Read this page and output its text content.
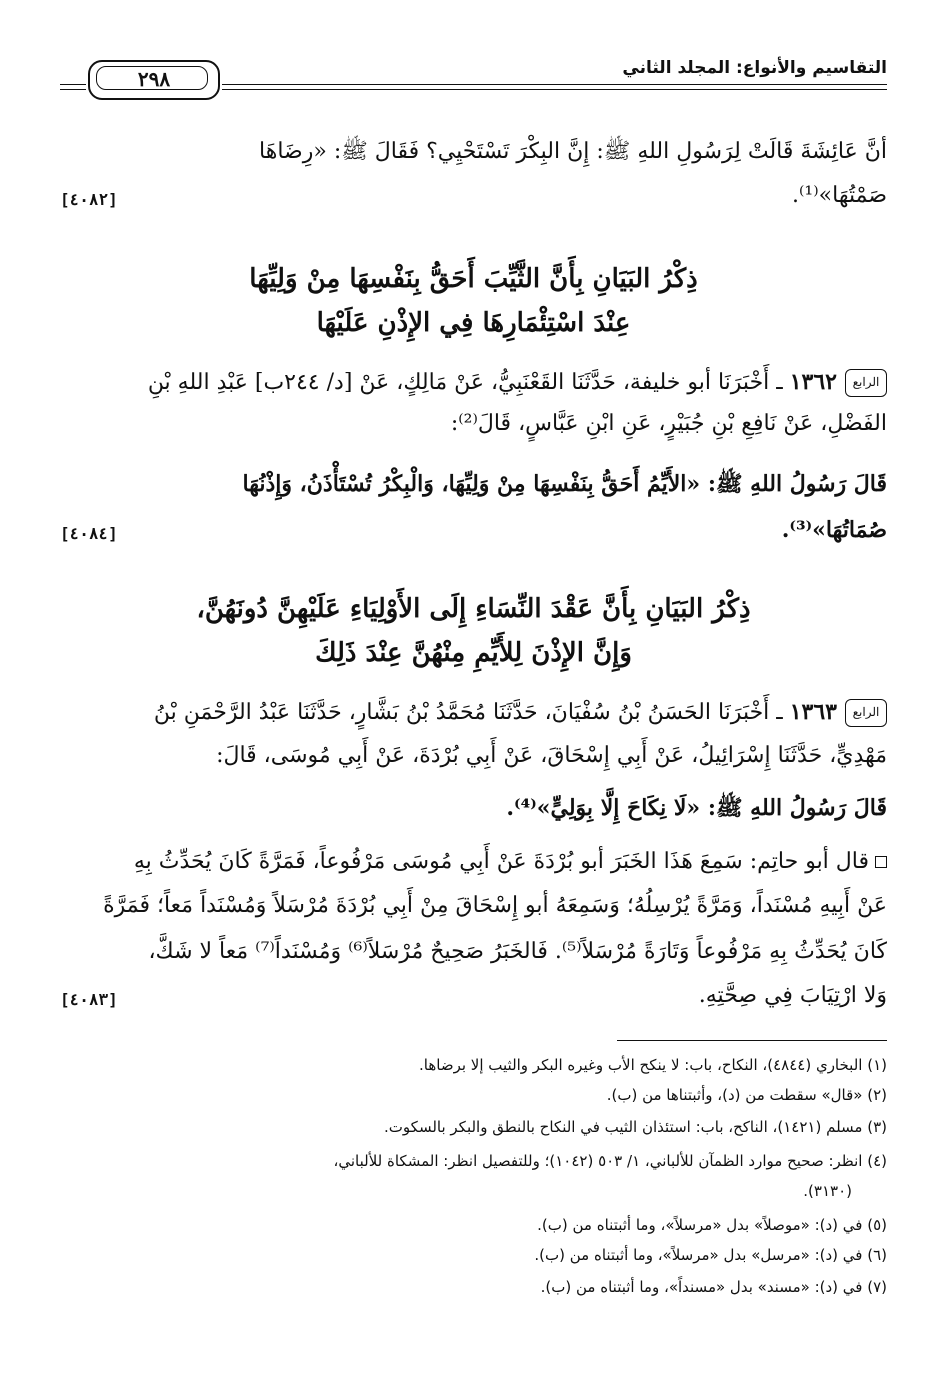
التقاسيم والأنواع: المجلد الثاني
٢٩٨
أنَّ عَائِشَةَ قَالَتْ لِرَسُولِ اللهِ ﷺ: إِنَّ البِكْرَ تَسْتَحْيِي؟ فَقَالَ ﷺ: «رِضَاهَا
صَمْتُهَا»⁽¹⁾.
[٤٠٨٢]
ذِكْرُ البَيَانِ بِأَنَّ الثَّيِّبَ أَحَقُّ بِنَفْسِهَا مِنْ وَلِيِّهَا
عِنْدَ اسْتِئْمَارِهَا فِي الإِذْنِ عَلَيْهَا
الرابع١٣٦٢ ـ أَخْبَرَنَا أبو خليفة، حَدَّثَنَا القَعْنَبِيُّ، عَنْ مَالِكٍ، عَنْ [د/ ٢٤٤ب] عَبْدِ اللهِ بْنِ
الفَضْلِ، عَنْ نَافِعِ بْنِ جُبَيْرٍ، عَنِ ابْنِ عَبَّاسٍ، قَالَ⁽²⁾:
قَالَ رَسُولُ اللهِ ﷺ: «الأَيِّمُ أَحَقُّ بِنَفْسِهَا مِنْ وَلِيِّهَا، وَالْبِكْرُ تُسْتَأْذَنُ، وَإِذْنُهَا
صُمَاتُهَا»⁽³⁾.
[٤٠٨٤]
ذِكْرُ البَيَانِ بِأَنَّ عَقْدَ النِّسَاءِ إِلَى الأَوْلِيَاءِ عَلَيْهِنَّ دُونَهُنَّ،
وَإِنَّ الإِذْنَ لِلأَيِّمِ مِنْهُنَّ عِنْدَ ذَلِكَ
الرابع١٣٦٣ ـ أَخْبَرَنَا الحَسَنُ بْنُ سُفْيَانَ، حَدَّثَنَا مُحَمَّدُ بْنُ بَشَّارٍ، حَدَّثَنَا عَبْدُ الرَّحْمَنِ بْنُ
مَهْدِيٍّ، حَدَّثَنَا إِسْرَائِيلُ، عَنْ أَبِي إِسْحَاقَ، عَنْ أَبِي بُرْدَةَ، عَنْ أَبِي مُوسَى، قَالَ:
قَالَ رَسُولُ اللهِ ﷺ: «لَا نِكَاحَ إِلَّا بِوَلِيٍّ»⁽⁴⁾.
قال أبو حاتِم: سَمِعَ هَذَا الخَبَرَ أبو بُرْدَةَ عَنْ أَبِي مُوسَى مَرْفُوعاً، فَمَرَّةً كَانَ يُحَدِّثُ بِهِ
عَنْ أَبِيهِ مُسْنَداً، وَمَرَّةً يُرْسِلُهُ؛ وَسَمِعَهُ أبو إِسْحَاقَ مِنْ أَبِي بُرْدَةَ مُرْسَلاً وَمُسْنَداً مَعاً؛ فَمَرَّةً
كَانَ يُحَدِّثُ بِهِ مَرْفُوعاً وَتَارَةً مُرْسَلاً⁽⁵⁾. فَالخَبَرُ صَحِيحٌ مُرْسَلاً⁽⁶⁾ وَمُسْنَداً⁽⁷⁾ مَعاً لا شَكَّ،
وَلا ارْتِيَابَ فِي صِحَّتِهِ.
[٤٠٨٣]
(١) البخاري (٤٨٤٤)، النكاح، باب: لا ينكح الأب وغيره البكر والثيب إلا برضاها.
(٢) «قال» سقطت من (د)، وأثبتناها من (ب).
(٣) مسلم (١٤٢١)، الناكح، باب: استئذان الثيب في النكاح بالنطق والبكر بالسكوت.
(٤) انظر: صحيح موارد الظمآن للألباني، ١/ ٥٠٣ (١٠٤٢)؛ وللتفصيل انظر: المشكاة للألباني،
(٣١٣٠).
(٥) في (د): «موصلاً» بدل «مرسلاً»، وما أثبتناه من (ب).
(٦) في (د): «مرسل» بدل «مرسلاً»، وما أثبتناه من (ب).
(٧) في (د): «مسند» بدل «مسنداً»، وما أثبتناه من (ب).
